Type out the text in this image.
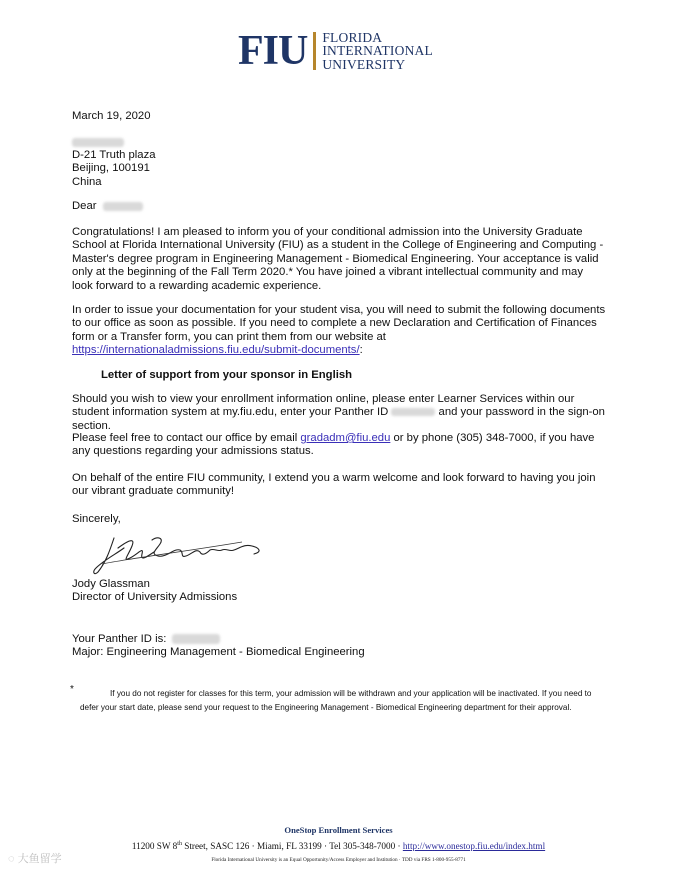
FIU FLORIDA
INTERNATIONAL
UNIVERSITY
March 19, 2020
D-21 Truth plaza
Beijing, 100191
China
Dear
Congratulations! I am pleased to inform you of your conditional admission into the University Graduate School at Florida International University (FIU) as a student in the College of Engineering and Computing - Master's degree program in Engineering Management - Biomedical Engineering. Your acceptance is valid only at the beginning of the Fall Term 2020.* You have joined a vibrant intellectual community and may look forward to a rewarding academic experience.
In order to issue your documentation for your student visa, you will need to submit the following documents to our office as soon as possible. If you need to complete a new Declaration and Certification of Finances form or a Transfer form, you can print them from our website at https://internationaladmissions.fiu.edu/submit-documents/:
Letter of support from your sponsor in English
Should you wish to view your enrollment information online, please enter Learner Services within our student information system at my.fiu.edu, enter your Panther ID	and your password in the sign-on section.
Please feel free to contact our office by email gradadm@fiu.edu or by phone (305) 348-7000, if you have any questions regarding your admissions status.
On behalf of the entire FIU community, I extend you a warm welcome and look forward to having you join our vibrant graduate community!
Sincerely,
Jody Glassman
Director of University Admissions
Your Panther ID is:
Major: Engineering Management - Biomedical Engineering
*	If you do not register for classes for this term, your admission will be withdrawn and your application will be inactivated. If you need to defer your start date, please send your request to the Engineering Management - Biomedical Engineering department for their approval.
OneStop Enrollment Services
11200 SW 8th Street, SASC 126 · Miami, FL 33199 · Tel 305-348-7000 · http://www.onestop.fiu.edu/index.html
Florida International University is an Equal Opportunity/Access Employer and Institution · TDD via FRS 1-800-955-8771
◌ 大鱼留学
